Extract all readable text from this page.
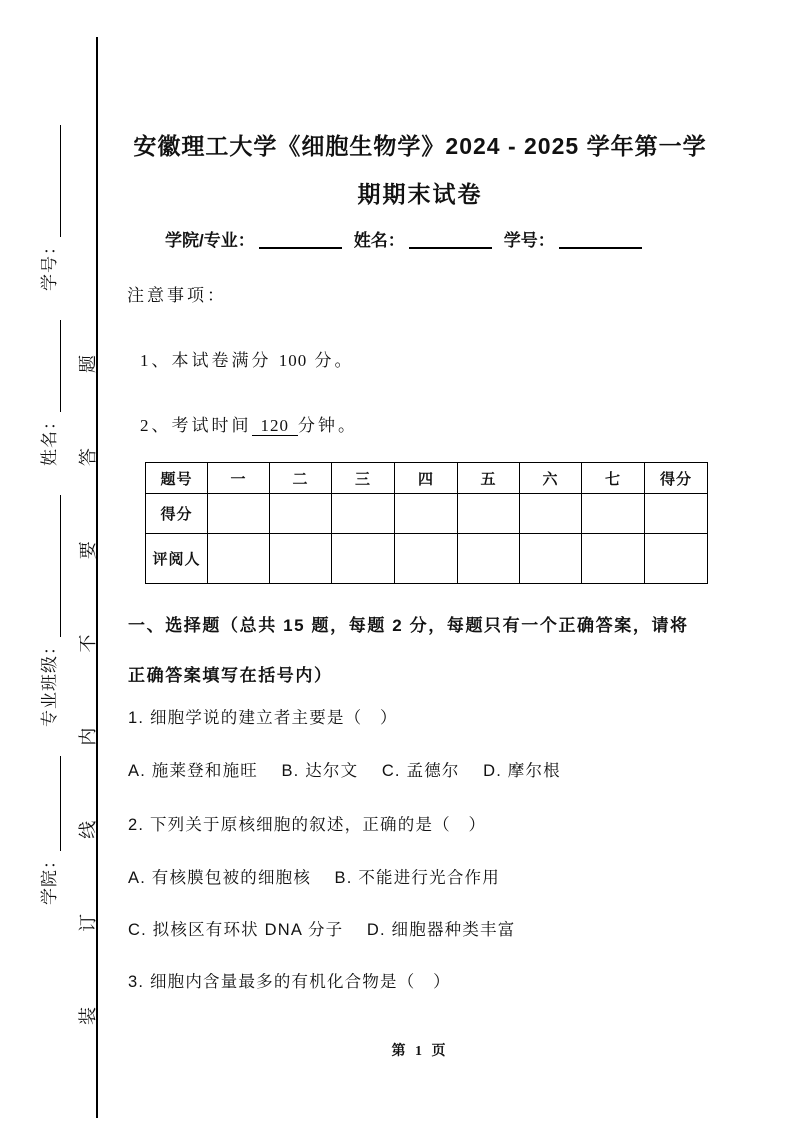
学院：
专业班级：
姓名：
学号：
装
订
线
内
不
要
答
题
安徽理工大学《细胞生物学》2024 - 2025 学年第一学
期期末试卷
学院/专业：	姓名：	学号：
注意事项：
1、本试卷满分 100 分。
2、考试时间 120 分钟。
题号	一	二	三	四	五	六	七	得分
得分								
评阅人								
一、选择题（总共 15 题，每题 2 分，每题只有一个正确答案，请将
正确答案填写在括号内）
1. 细胞学说的建立者主要是（　）
A. 施莱登和施旺　 B. 达尔文　 C. 孟德尔　 D. 摩尔根
2. 下列关于原核细胞的叙述，正确的是（　）
A. 有核膜包被的细胞核　 B. 不能进行光合作用
C. 拟核区有环状 DNA 分子　 D. 细胞器种类丰富
3. 细胞内含量最多的有机化合物是（　）
第 1 页
